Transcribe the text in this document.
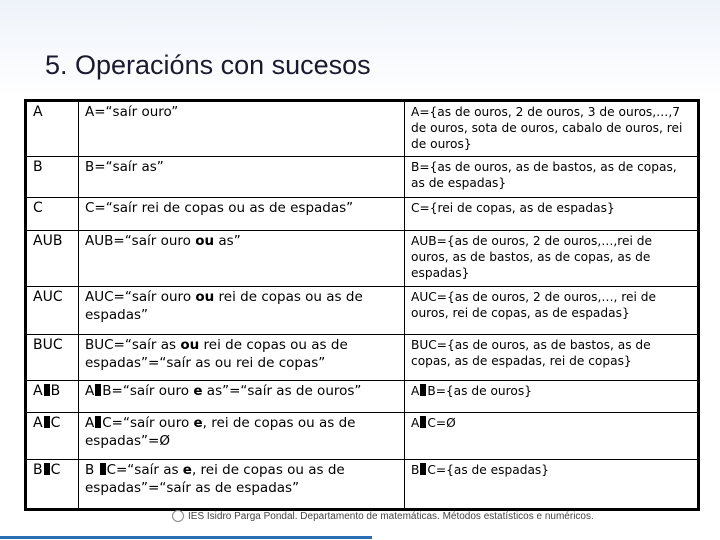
5. Operacións con sucesos
A	A=“saír ouro”	A={as de ouros, 2 de ouros, 3 de ouros,…,7 de ouros, sota de ouros, cabalo de ouros, rei de ouros}
B	B=“saír as”	B={as de ouros, as de bastos, as de copas, as de espadas}
C	C=“saír rei de copas ou as de espadas”	C={rei de copas, as de espadas}
AUB	AUB=“saír ouro ou as”	AUB={as de ouros, 2 de ouros,…,rei de ouros, as de bastos, as de copas, as de espadas}
AUC	AUC=“saír ouro ou rei de copas ou as de espadas”	AUC={as de ouros, 2 de ouros,…, rei de ouros, rei de copas, as de espadas}
BUC	BUC=“saír as ou rei de copas ou as de espadas”=“saír as ou rei de copas”	BUC={as de ouros, as de bastos, as de copas, as de espadas, rei de copas}
A B	A B=“saír ouro e as”=“saír as de ouros”	A B={as de ouros}
A C	A C=“saír ouro e, rei de copas ou as de espadas”=Ø	A C=Ø
B C	B C=“saír as e, rei de copas ou as de espadas”=“saír as de espadas”	B C={as de espadas}
IES Isidro Parga Pondal. Departamento de matemáticas. Métodos estatísticos e numéricos.
